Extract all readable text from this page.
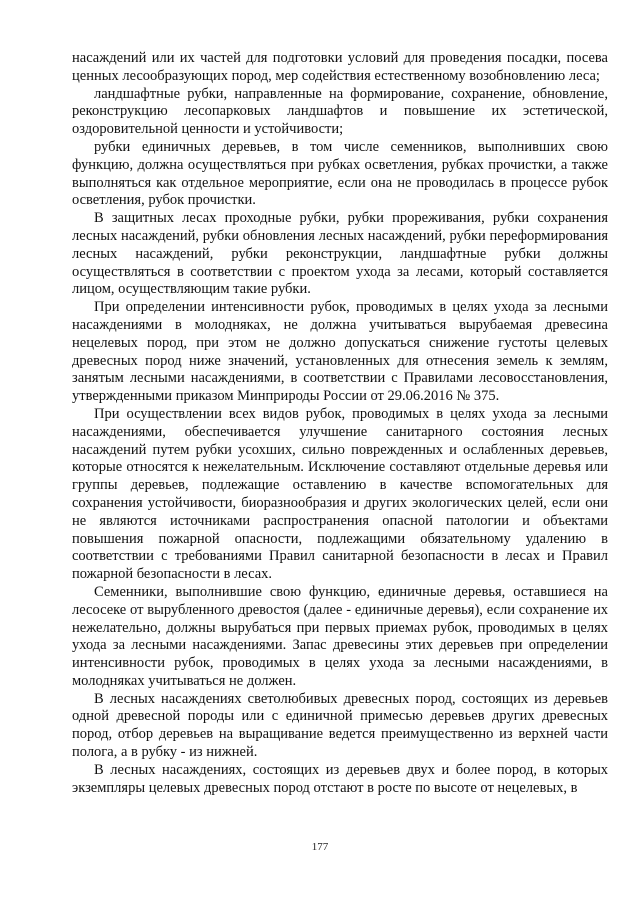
насаждений или их частей для подготовки условий для проведения посадки, посева ценных лесообразующих пород, мер содействия естественному возобновлению леса;

ландшафтные рубки, направленные на формирование, сохранение, обновление, реконструкцию лесопарковых ландшафтов и повышение их эстетической, оздоровительной ценности и устойчивости;

рубки единичных деревьев, в том числе семенников, выполнивших свою функцию, должна осуществляться при рубках осветления, рубках прочистки, а также выполняться как отдельное мероприятие, если она не проводилась в процессе рубок осветления, рубок прочистки.

В защитных лесах проходные рубки, рубки прореживания, рубки сохранения лесных насаждений, рубки обновления лесных насаждений, рубки переформирования лесных насаждений, рубки реконструкции, ландшафтные рубки должны осуществляться в соответствии с проектом ухода за лесами, который составляется лицом, осуществляющим такие рубки.

При определении интенсивности рубок, проводимых в целях ухода за лесными насаждениями в молодняках, не должна учитываться вырубаемая древесина нецелевых пород, при этом не должно допускаться снижение густоты целевых древесных пород ниже значений, установленных для отнесения земель к землям, занятым лесными насаждениями, в соответствии с Правилами лесовосстановления, утвержденными приказом Минприроды России от 29.06.2016 № 375.

При осуществлении всех видов рубок, проводимых в целях ухода за лесными насаждениями, обеспечивается улучшение санитарного состояния лесных насаждений путем рубки усохших, сильно поврежденных и ослабленных деревьев, которые относятся к нежелательным. Исключение составляют отдельные деревья или группы деревьев, подлежащие оставлению в качестве вспомогательных для сохранения устойчивости, биоразнообразия и других экологических целей, если они не являются источниками распространения опасной патологии и объектами повышения пожарной опасности, подлежащими обязательному удалению в соответствии с требованиями Правил санитарной безопасности в лесах и Правил пожарной безопасности в лесах.

Семенники, выполнившие свою функцию, единичные деревья, оставшиеся на лесосеке от вырубленного древостоя (далее - единичные деревья), если сохранение их нежелательно, должны вырубаться при первых приемах рубок, проводимых в целях ухода за лесными насаждениями. Запас древесины этих деревьев при определении интенсивности рубок, проводимых в целях ухода за лесными насаждениями, в молодняках учитываться не должен.

В лесных насаждениях светолюбивых древесных пород, состоящих из деревьев одной древесной породы или с единичной примесью деревьев других древесных пород, отбор деревьев на выращивание ведется преимущественно из верхней части полога, а в рубку - из нижней.

В лесных насаждениях, состоящих из деревьев двух и более пород, в которых экземпляры целевых древесных пород отстают в росте по высоте от нецелевых, в

177
